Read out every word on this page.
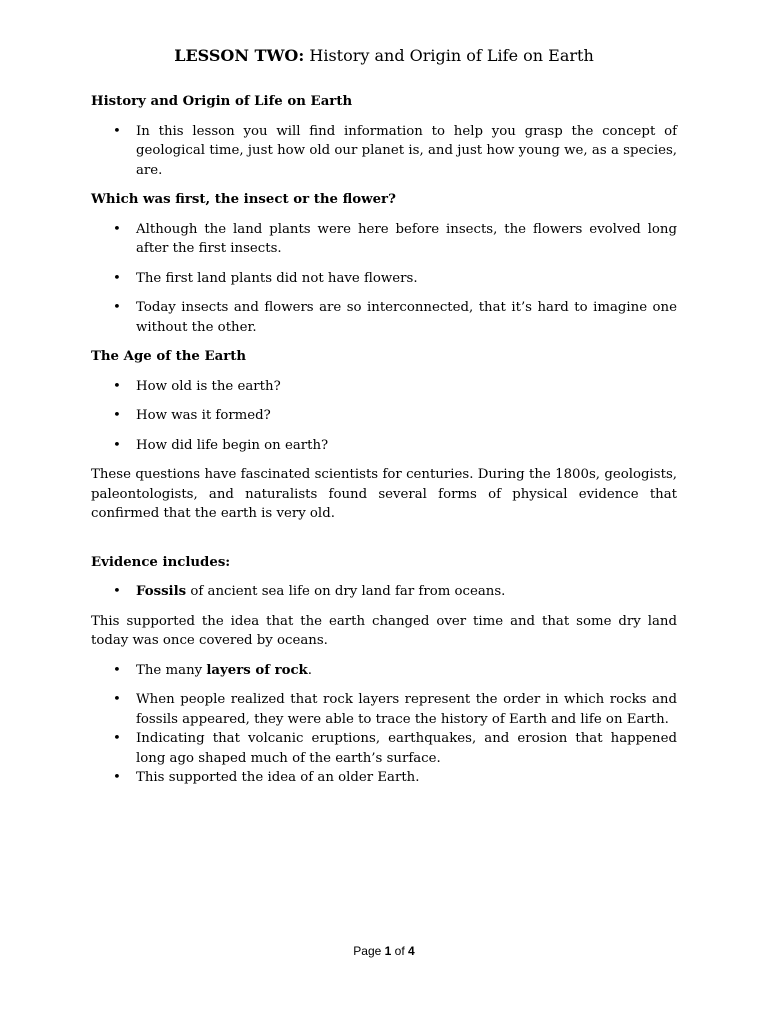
LESSON TWO: History and Origin of Life on Earth
History and Origin of Life on Earth
• In this lesson you will find information to help you grasp the concept of geological time, just how old our planet is, and just how young we, as a species, are.
Which was first, the insect or the flower?
• Although the land plants were here before insects, the flowers evolved long after the first insects.
• The first land plants did not have flowers.
• Today insects and flowers are so interconnected, that it’s hard to imagine one without the other.
The Age of the Earth
• How old is the earth?
• How was it formed?
• How did life begin on earth?

These questions have fascinated scientists for centuries. During the 1800s, geologists, paleontologists, and naturalists found several forms of physical evidence that confirmed that the earth is very old.

Evidence includes:
• Fossils of ancient sea life on dry land far from oceans.

This supported the idea that the earth changed over time and that some dry land today was once covered by oceans.

• The many layers of rock.
• When people realized that rock layers represent the order in which rocks and fossils appeared, they were able to trace the history of Earth and life on Earth.
• Indicating that volcanic eruptions, earthquakes, and erosion that happened long ago shaped much of the earth’s surface.
• This supported the idea of an older Earth.
Page 1 of 4
